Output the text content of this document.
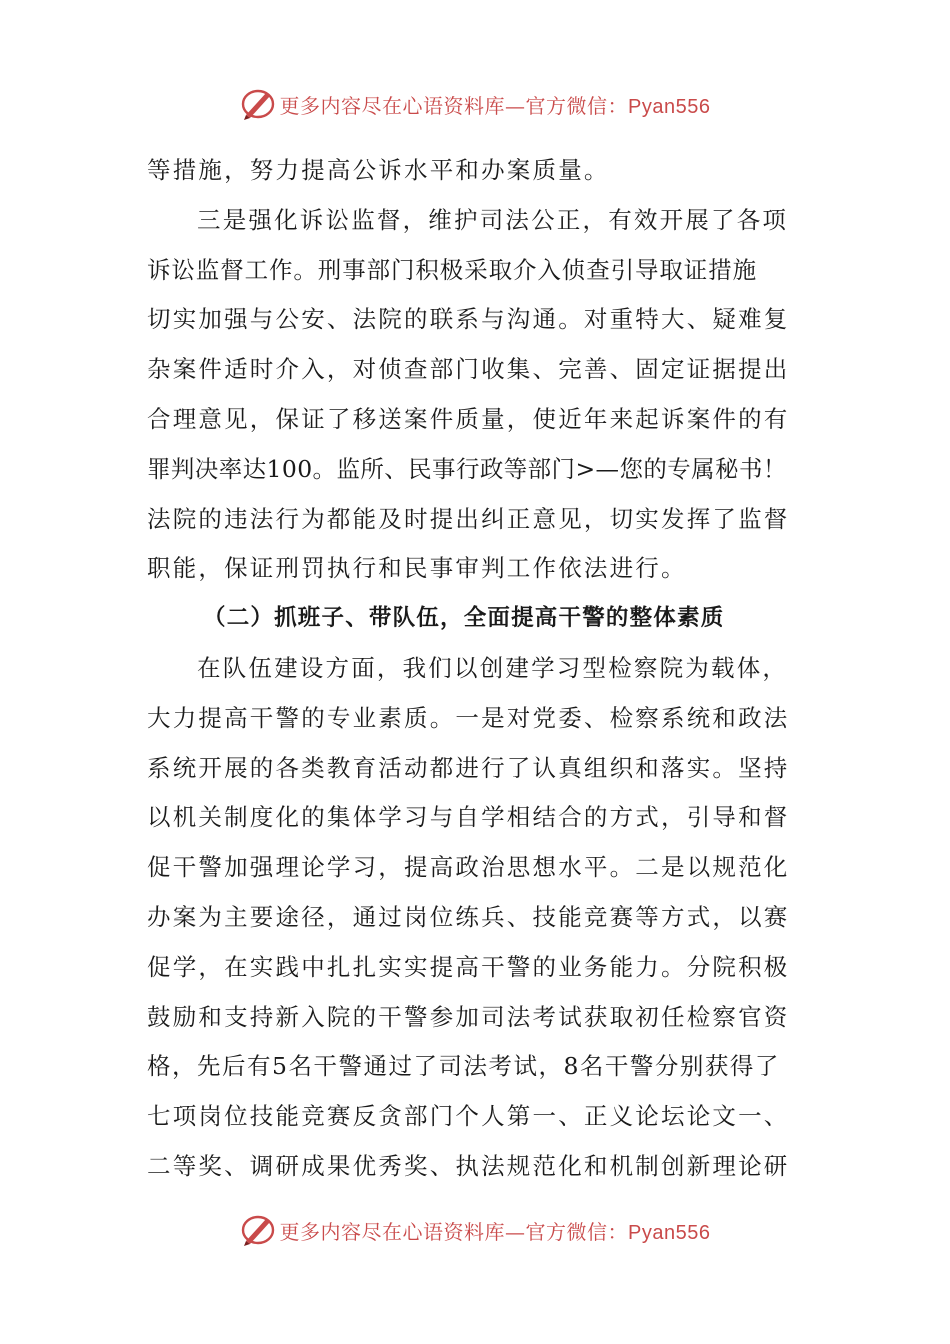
更多内容尽在心语资料库—官方微信：Pyan556
等措施，努力提高公诉水平和办案质量。
三是强化诉讼监督，维护司法公正，有效开展了各项
诉讼监督工作。刑事部门积极采取介入侦查引导取证措施
切实加强与公安、法院的联系与沟通。对重特大、疑难复
杂案件适时介入，对侦查部门收集、完善、固定证据提出
合理意见，保证了移送案件质量，使近年来起诉案件的有
罪判决率达100。监所、民事行政等部门>—您的专属秘书！
法院的违法行为都能及时提出纠正意见，切实发挥了监督
职能，保证刑罚执行和民事审判工作依法进行。
（二）抓班子、带队伍，全面提高干警的整体素质
在队伍建设方面，我们以创建学习型检察院为载体，
大力提高干警的专业素质。一是对党委、检察系统和政法
系统开展的各类教育活动都进行了认真组织和落实。坚持
以机关制度化的集体学习与自学相结合的方式，引导和督
促干警加强理论学习，提高政治思想水平。二是以规范化
办案为主要途径，通过岗位练兵、技能竞赛等方式，以赛
促学，在实践中扎扎实实提高干警的业务能力。分院积极
鼓励和支持新入院的干警参加司法考试获取初任检察官资
格，先后有5名干警通过了司法考试，8名干警分别获得了
七项岗位技能竞赛反贪部门个人第一、正义论坛论文一、
二等奖、调研成果优秀奖、执法规范化和机制创新理论研
更多内容尽在心语资料库—官方微信：Pyan556
